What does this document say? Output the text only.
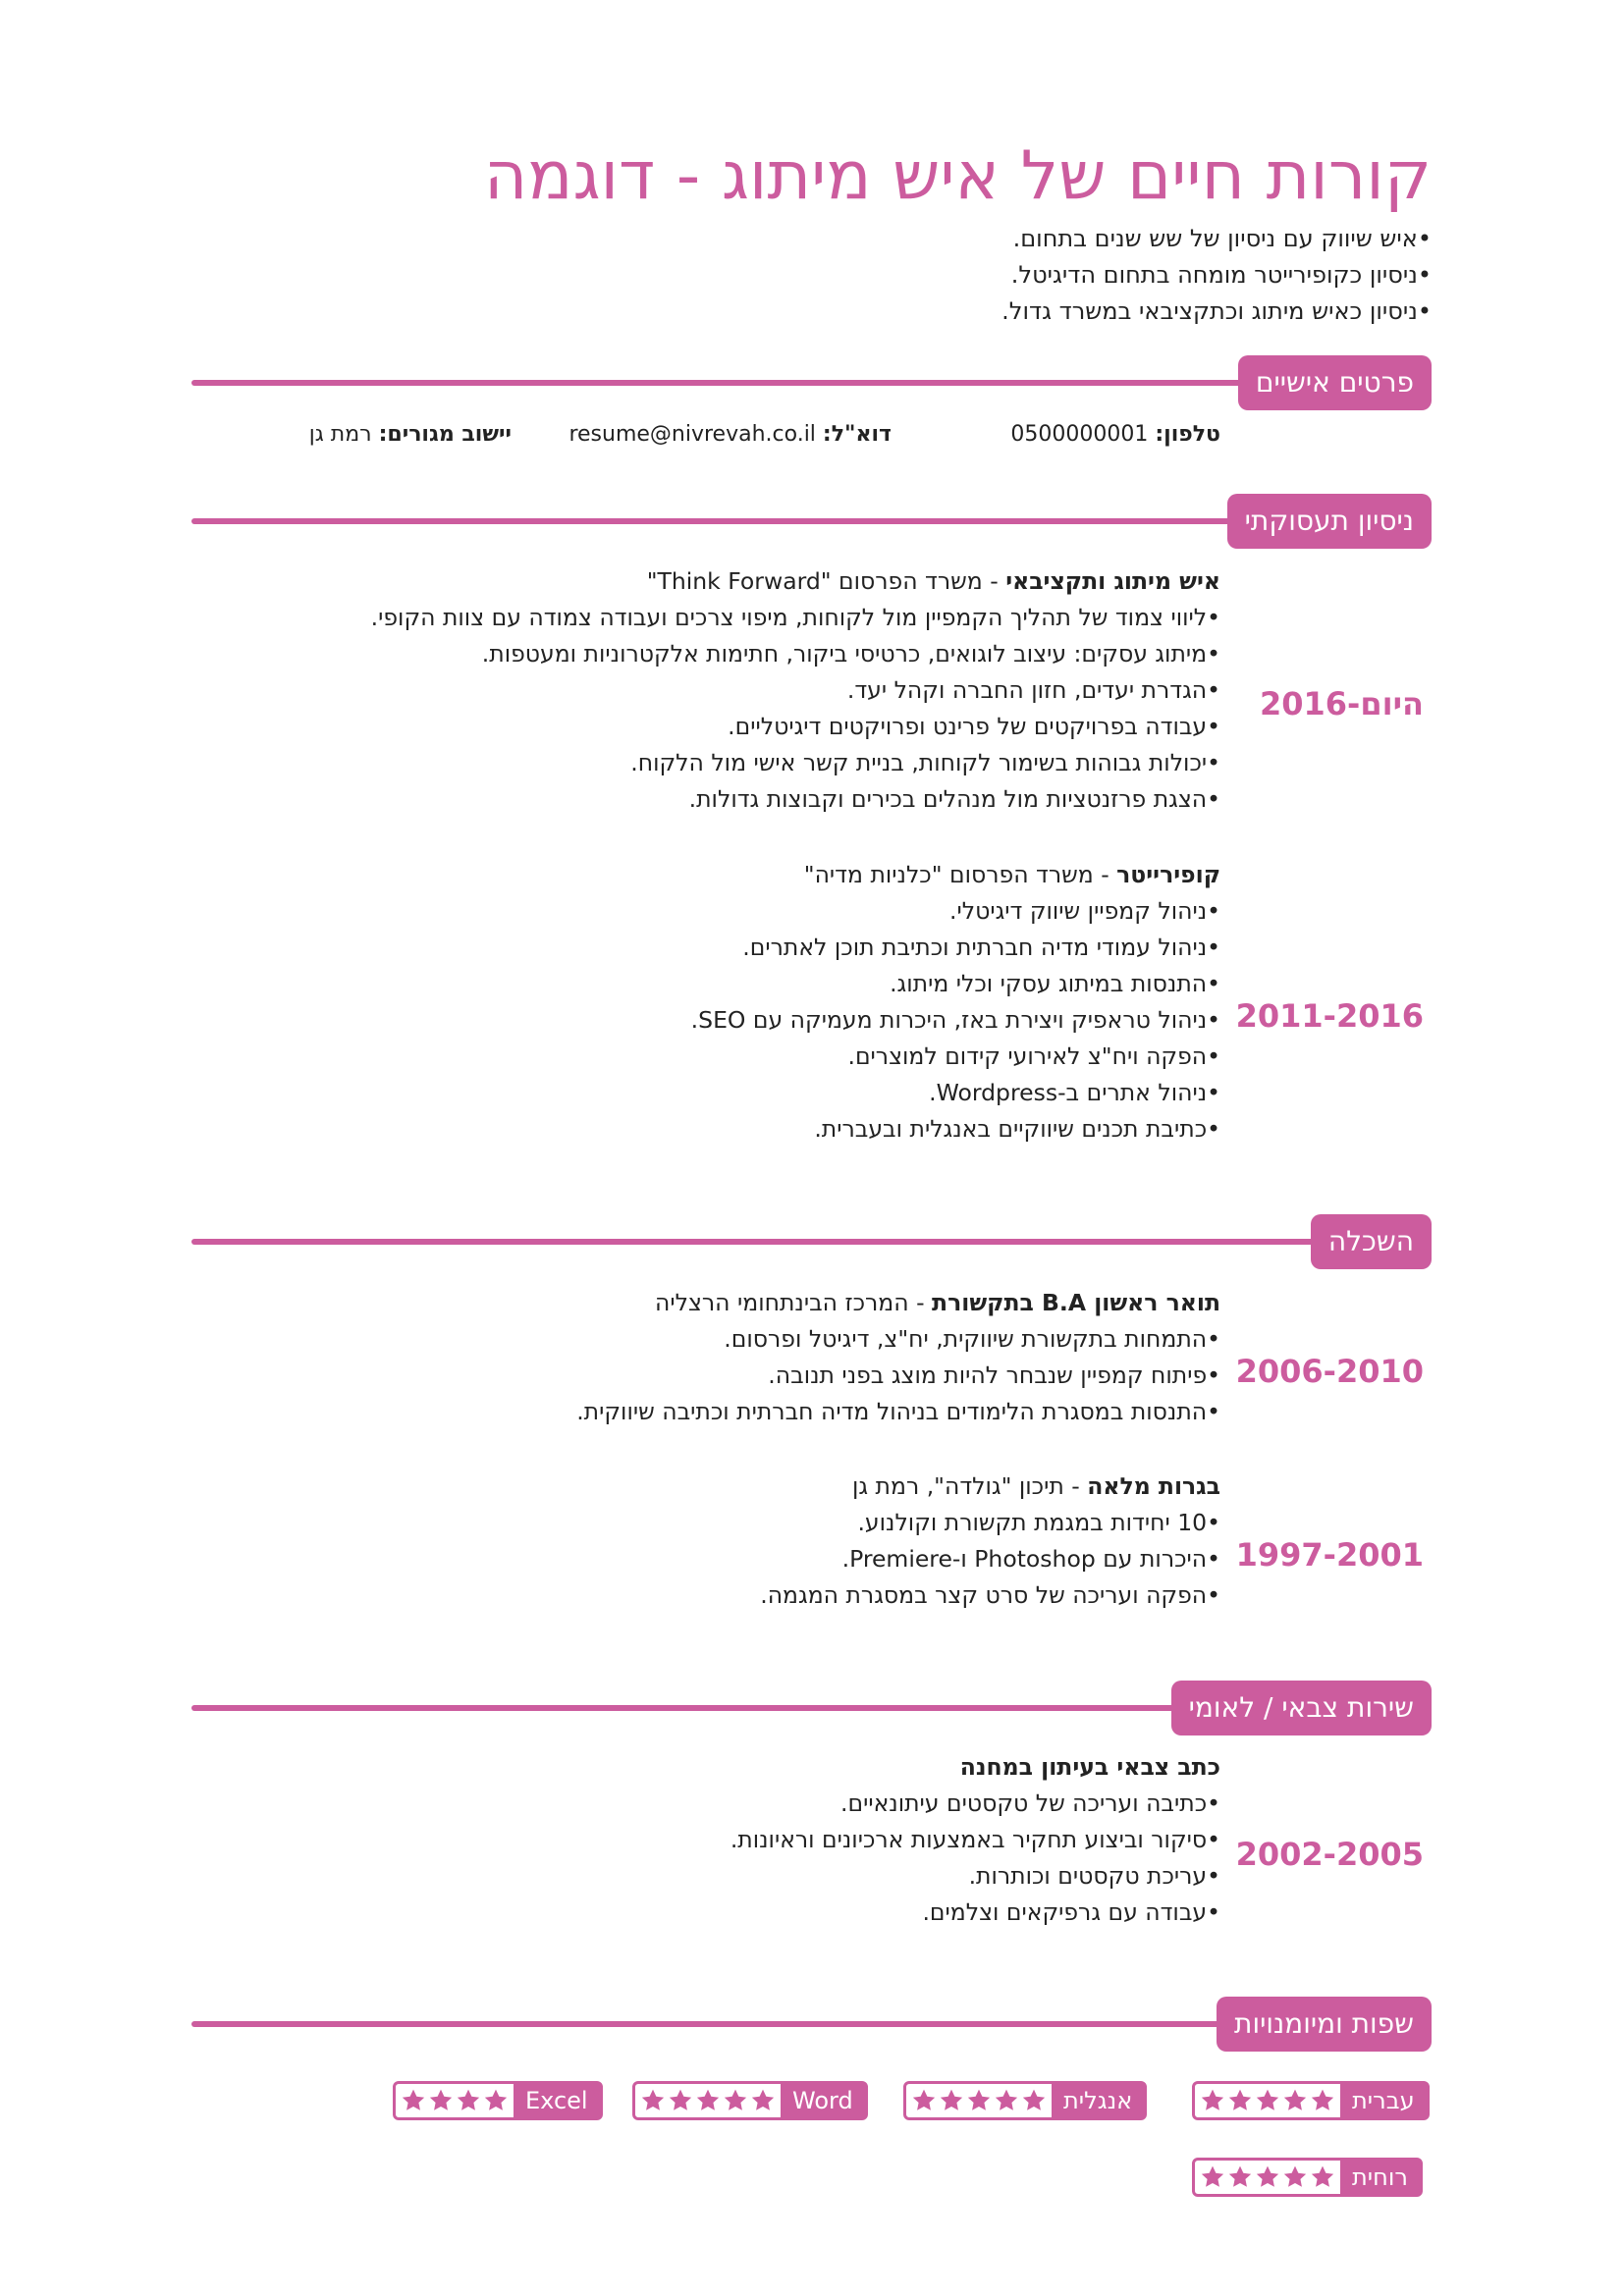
קורות חיים של איש מיתוג - דוגמה
•איש שיווק עם ניסיון של שש שנים בתחום.
•ניסיון כקופירייטר מומחה בתחום הדיגיטל.
•ניסיון כאיש מיתוג וכתקציבאי במשרד גדול.
פרטים אישיים
טלפון: 0500000001
דוא"ל: resume@nivrevah.co.il
יישוב מגורים: רמת גן
ניסיון תעסוקתי
2016-היום
איש מיתוג ותקציבאי - משרד הפרסום "Think Forward"
•ליווי צמוד של תהליך הקמפיין מול לקוחות, מיפוי צרכים ועבודה צמודה עם צוות הקופי.
•מיתוג עסקים: עיצוב לוגואים, כרטיסי ביקור, חתימות אלקטרוניות ומעטפות.
•הגדרת יעדים, חזון החברה וקהל יעד.
•עבודה בפרויקטים של פרינט ופרויקטים דיגיטליים.
•יכולות גבוהות בשימור לקוחות, בניית קשר אישי מול הלקוח.
•הצגת פרזנטציות מול מנהלים בכירים וקבוצות גדולות.
2011-2016
קופירייטר - משרד הפרסום "כלניות מדיה"
•ניהול קמפיין שיווק דיגיטלי.
•ניהול עמודי מדיה חברתית וכתיבת תוכן לאתרים.
•התנסות במיתוג עסקי וכלי מיתוג.
•ניהול טראפיק ויצירת באז, היכרות מעמיקה עם SEO.
•הפקה ויח"צ לאירועי קידום למוצרים.
•ניהול אתרים ב-Wordpress.
•כתיבת תכנים שיווקיים באנגלית ובעברית.
השכלה
2006-2010
תואר ראשון B.A בתקשורת - המרכז הבינתחומי הרצליה
•התמחות בתקשורת שיווקית, יח"צ, דיגיטל ופרסום.
•פיתוח קמפיין שנבחר להיות מוצג בפני תנובה.
•התנסות במסגרת הלימודים בניהול מדיה חברתית וכתיבה שיווקית.
1997-2001
בגרות מלאה - תיכון "גולדה", רמת גן
•10 יחידות במגמת תקשורת וקולנוע.
•היכרות עם Photoshop ו-Premiere.
•הפקה ועריכה של סרט קצר במסגרת המגמה.
שירות צבאי / לאומי
2002-2005
כתב צבאי בעיתון במחנה
•כתיבה ועריכה של טקסטים עיתונאיים.
•סיקור וביצוע תחקיר באמצעות ארכיונים וראיונות.
•עריכת טקסטים וכותרות.
•עבודה עם גרפיקאים וצלמים.
שפות ומיומנויות
עברית
אנגלית
Word
Excel
רוחית
